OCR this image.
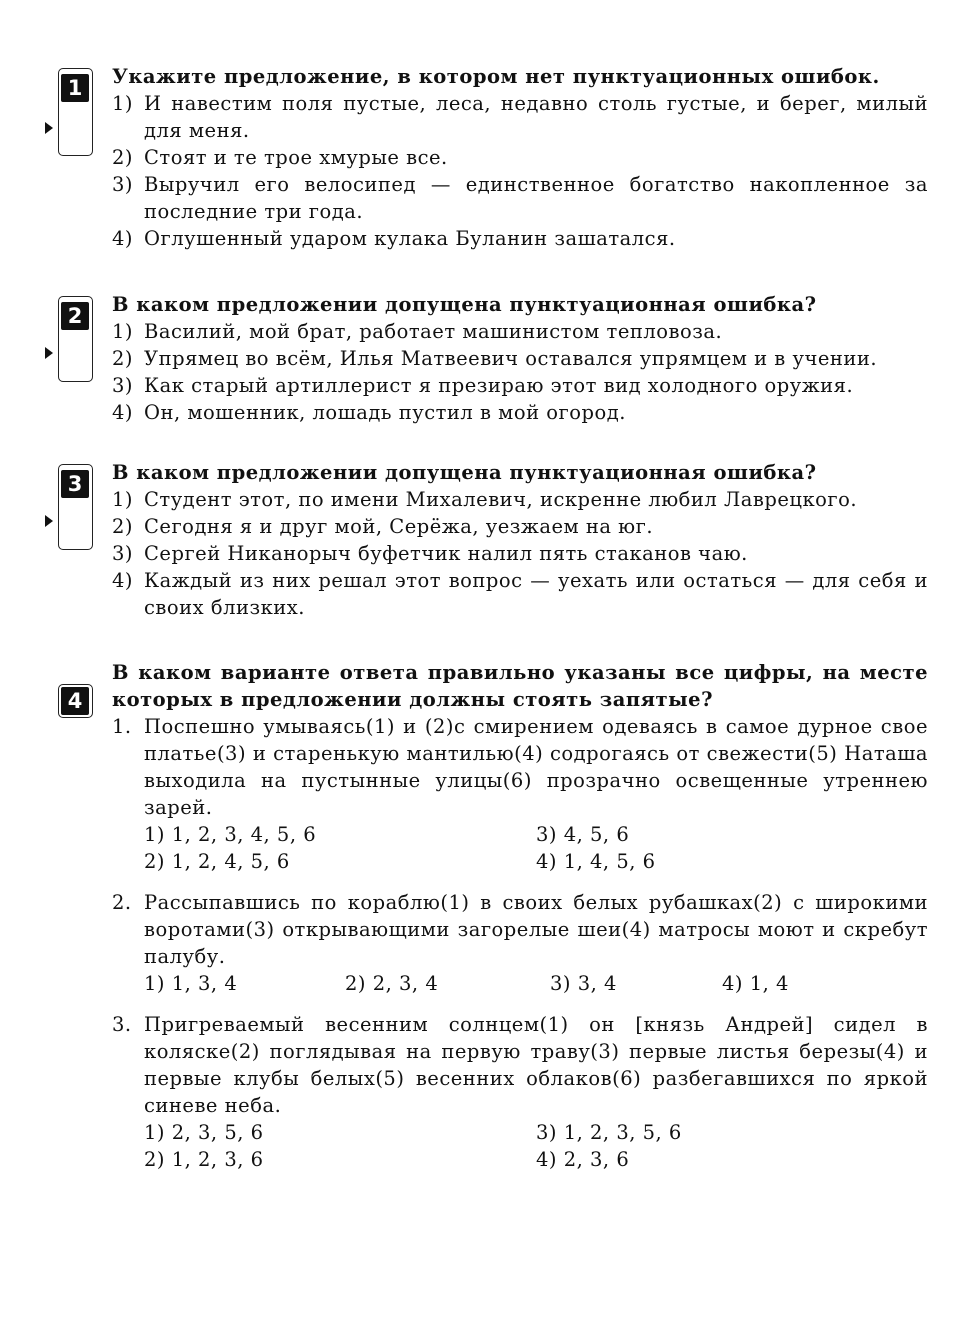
1	Укажите предложение, в котором нет пунктуационных ошибок.
1) И навестим поля пустые, леса, недавно столь густые, и берег, милый для меня.
2) Стоят и те трое хмурые все.
3) Выручил его велосипед — единственное богатство накопленное за последние три года.
4) Оглушенный ударом кулака Буланин зашатался.
2	В каком предложении допущена пунктуационная ошибка?
1) Василий, мой брат, работает машинистом тепловоза.
2) Упрямец во всём, Илья Матвеевич оставался упрямцем и в учении.
3) Как старый артиллерист я презираю этот вид холодного оружия.
4) Он, мошенник, лошадь пустил в мой огород.
3	В каком предложении допущена пунктуационная ошибка?
1) Студент этот, по имени Михалевич, искренне любил Лаврецкого.
2) Сегодня я и друг мой, Серёжа, уезжаем на юг.
3) Сергей Никанорыч буфетчик налил пять стаканов чаю.
4) Каждый из них решал этот вопрос — уехать или остаться — для себя и своих близких.
4
В каком варианте ответа правильно указаны все цифры, на месте которых в предложении должны стоять запятые?
1. Поспешно умываясь(1) и (2)с смирением одеваясь в самое дурное свое платье(3) и старенькую мантилью(4) содрогаясь от свежести(5) Наташа выходила на пустынные улицы(6) прозрачно освещенные утреннею зарей.
1) 1, 2, 3, 4, 5, 6	3) 4, 5, 6
2) 1, 2, 4, 5, 6	4) 1, 4, 5, 6
2. Рассыпавшись по кораблю(1) в своих белых рубашках(2) с широкими воротами(3) открывающими загорелые шеи(4) матросы моют и скребут палубу.
1) 1, 3, 4	2) 2, 3, 4	3) 3, 4	4) 1, 4
3. Пригреваемый весенним солнцем(1) он [князь Андрей] сидел в коляске(2) поглядывая на первую траву(3) первые листья березы(4) и первые клубы белых(5) весенних облаков(6) разбегавшихся по яркой синеве неба.
1) 2, 3, 5, 6	3) 1, 2, 3, 5, 6
2) 1, 2, 3, 6	4) 2, 3, 6
